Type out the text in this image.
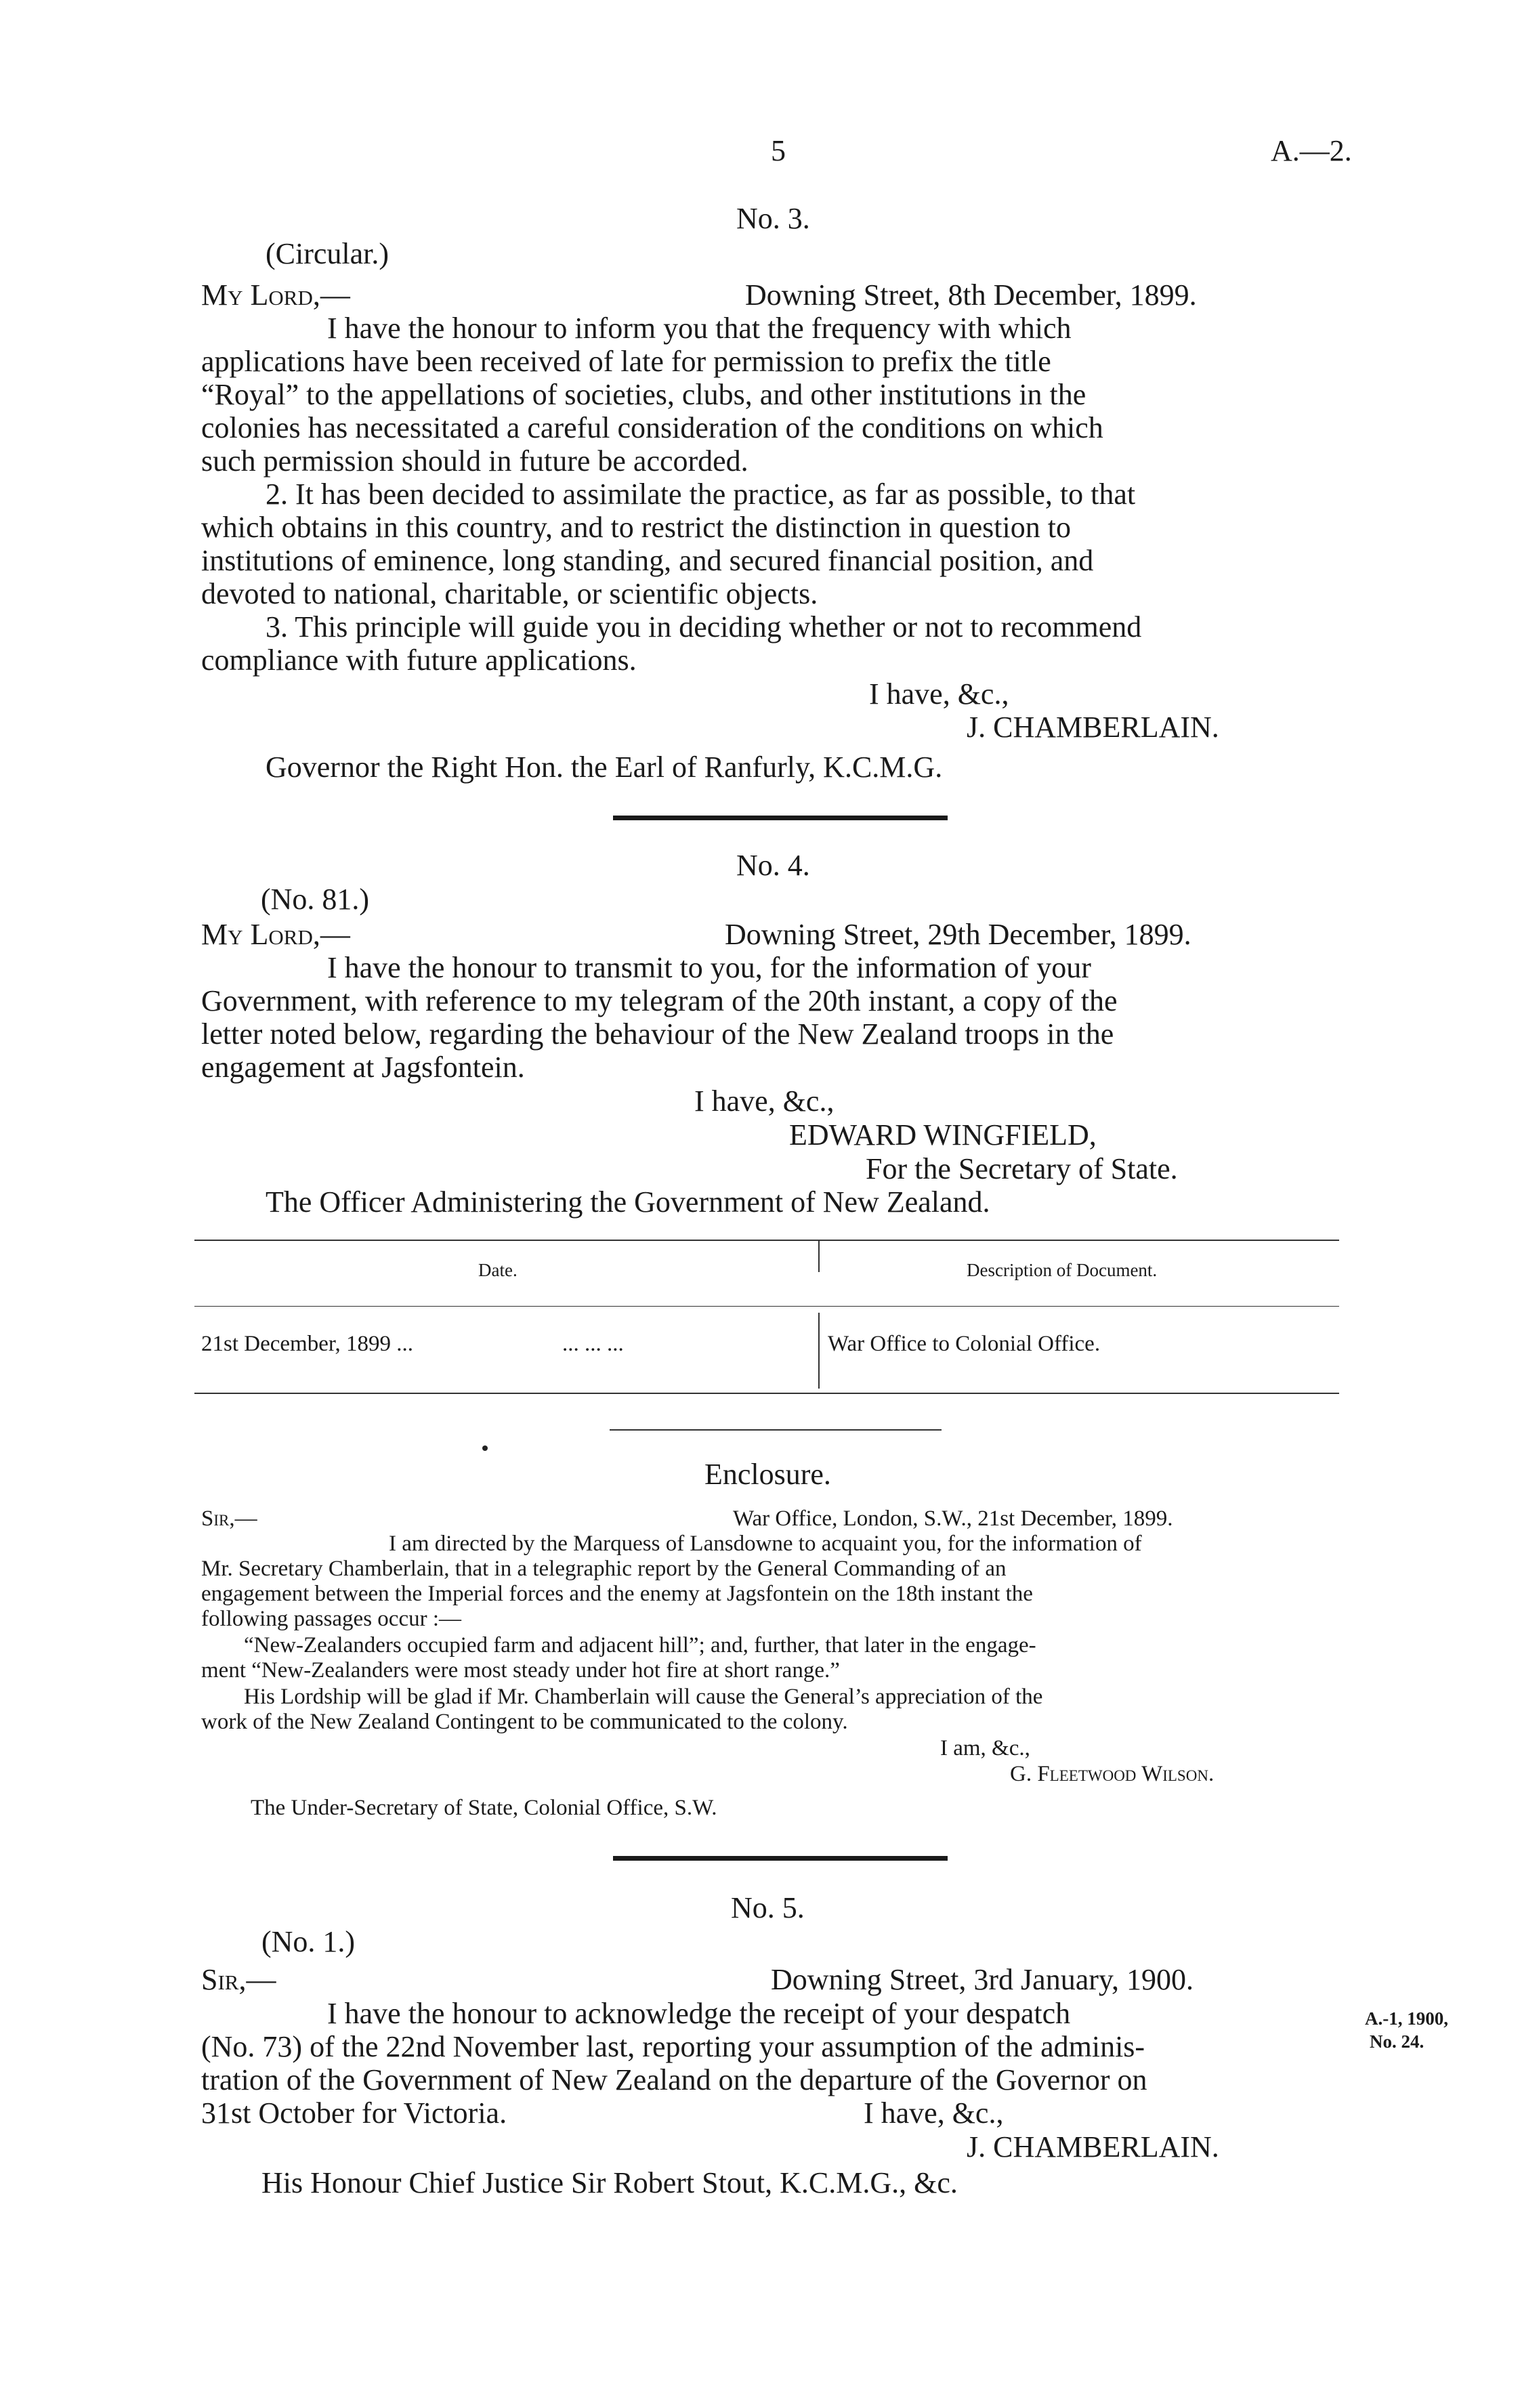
5	A.—2.
No. 3.
(Circular.)
My Lord,—	Downing Street, 8th December, 1899.
I have the honour to inform you that the frequency with which
applications have been received of late for permission to prefix the title
“Royal” to the appellations of societies, clubs, and other institutions in the
colonies has necessitated a careful consideration of the conditions on which
such permission should in future be accorded.
2. It has been decided to assimilate the practice, as far as possible, to that
which obtains in this country, and to restrict the distinction in question to
institutions of eminence, long standing, and secured financial position, and
devoted to national, charitable, or scientific objects.
3. This principle will guide you in deciding whether or not to recommend
compliance with future applications.
I have, &c.,
J. CHAMBERLAIN.
Governor the Right Hon. the Earl of Ranfurly, K.C.M.G.
No. 4.
(No. 81.)
My Lord,—	Downing Street, 29th December, 1899.
I have the honour to transmit to you, for the information of your
Government, with reference to my telegram of the 20th instant, a copy of the
letter noted below, regarding the behaviour of the New Zealand troops in the
engagement at Jagsfontein.
I have, &c.,
EDWARD WINGFIELD,
For the Secretary of State.
The Officer Administering the Government of New Zealand.
Date.	Description of Document.
21st December, 1899 ...	... ... ...	War Office to Colonial Office.
Enclosure.
Sir,—	War Office, London, S.W., 21st December, 1899.
I am directed by the Marquess of Lansdowne to acquaint you, for the information of
Mr. Secretary Chamberlain, that in a telegraphic report by the General Commanding of an
engagement between the Imperial forces and the enemy at Jagsfontein on the 18th instant the
following passages occur :—
“New-Zealanders occupied farm and adjacent hill”; and, further, that later in the engage-
ment “New-Zealanders were most steady under hot fire at short range.”
His Lordship will be glad if Mr. Chamberlain will cause the General’s appreciation of the
work of the New Zealand Contingent to be communicated to the colony.
I am, &c.,
G. Fleetwood Wilson.
The Under-Secretary of State, Colonial Office, S.W.
No. 5.
(No. 1.)
Sir,—	Downing Street, 3rd January, 1900.
I have the honour to acknowledge the receipt of your despatch
(No. 73) of the 22nd November last, reporting your assumption of the adminis-
tration of the Government of New Zealand on the departure of the Governor on
31st October for Victoria.	I have, &c.,
J. CHAMBERLAIN.
His Honour Chief Justice Sir Robert Stout, K.C.M.G., &c.
A.-1, 1900,
No. 24.
